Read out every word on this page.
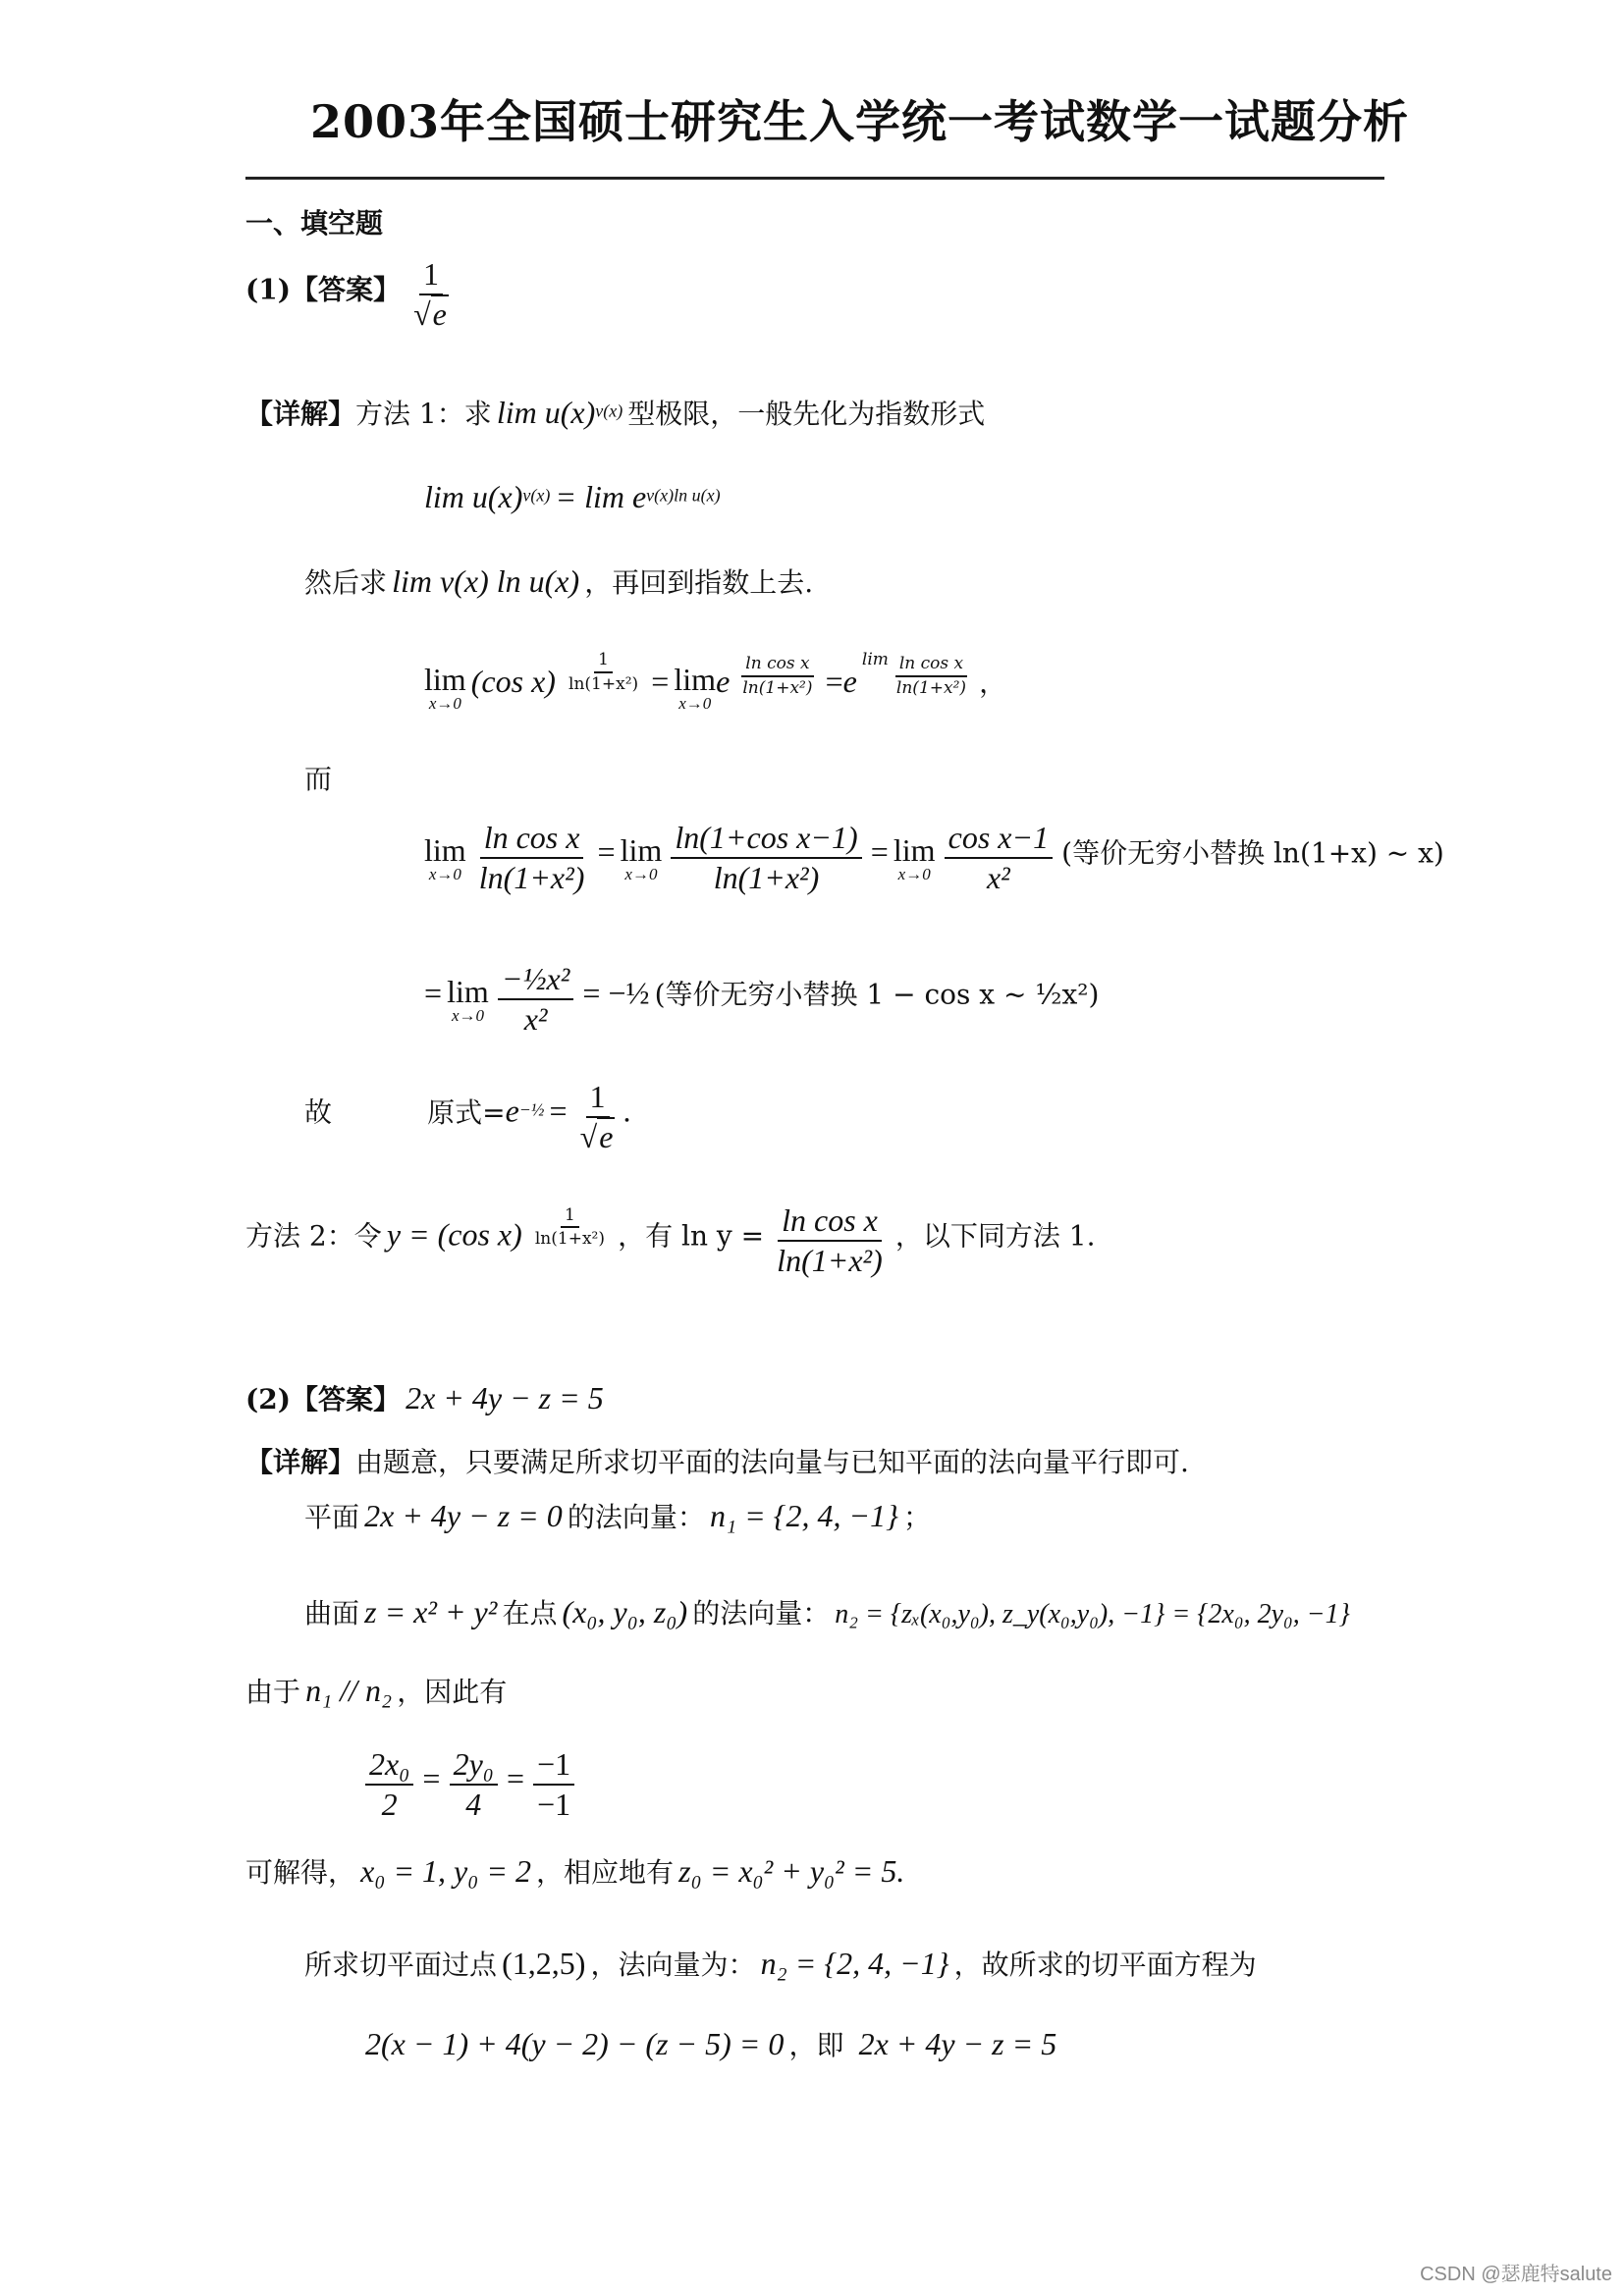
2003年全国硕士研究生入学统一考试数学一试题分析
一、填空题
(1)【答案】 $\frac{1}{√e}$
【详解】方法 1：求 lim u(x)v(x) 型极限，一般先化为指数形式
lim u(x)v(x) = lim ev(x)ln u(x)
然后求 lim v(x) ln u(x) ，再回到指数上去.
lim
x→0
(cos $x) \frac{1}{\text{ln(1+x²)}} = \lim$
x→0
e $\frac{\text{ln cos x}}{\text{ln(1+x²)}} =e$ $\lim \frac{\text{ln cos x}}{\text{ln(1+x²)}}$ ，
而
lim
x→0
$\frac{\text{ln cos x}}{\text{ln(1+x²)}} = \lim$
x→0
$\frac{\text{ln(1+cos x−1)}}{\text{ln(1+x²)}} = \lim$
x→0
$\frac{\text{cos x−1}}{\text{x²}}$ (等价无穷小替换 ln(1+x) ~ x)
= lim
x→0
$\frac{\text{−½x²}}{\text{x²}}$ = −½ (等价无穷小替换 1 − cos x ~ ½x²)
故	原式=e−½ = $\frac{1}{√e}$ .
方法 2：令 y = (cos $x) \frac{1}{\text{ln(1+x²)}}$ ，有 $\ln y = \frac{\text{ln cos x}}{\text{ln(1+x²)}}$ ，以下同方法 1.
(2)【答案】 2x + 4y − z = 5
【详解】由题意，只要满足所求切平面的法向量与已知平面的法向量平行即可.
平面 2x + 4y − z = 0 的法向量： n₁ = {2, 4, −1} ；
曲面 z = x² + y² 在点 (x₀, y₀, z₀) 的法向量： n₂ = {zₓ(x₀,y₀), z_y(x₀,y₀), −1} = {2x₀, 2y₀, −1}
由于 n₁ // n₂ ，因此有
$\frac{\text{2x₀}}{2} = \frac{\text{2y₀}}{4} = \frac{-1}{-1}$
可解得， x₀ = 1, y₀ = 2 ，相应地有 z₀ = x₀² + y₀² = 5.
所求切平面过点 (1,2,5) ，法向量为： n₂ = {2, 4, −1} ，故所求的切平面方程为
2(x − 1) + 4(y − 2) − (z − 5) = 0 ，即 2x + 4y − z = 5
CSDN @瑟鹿特salute
